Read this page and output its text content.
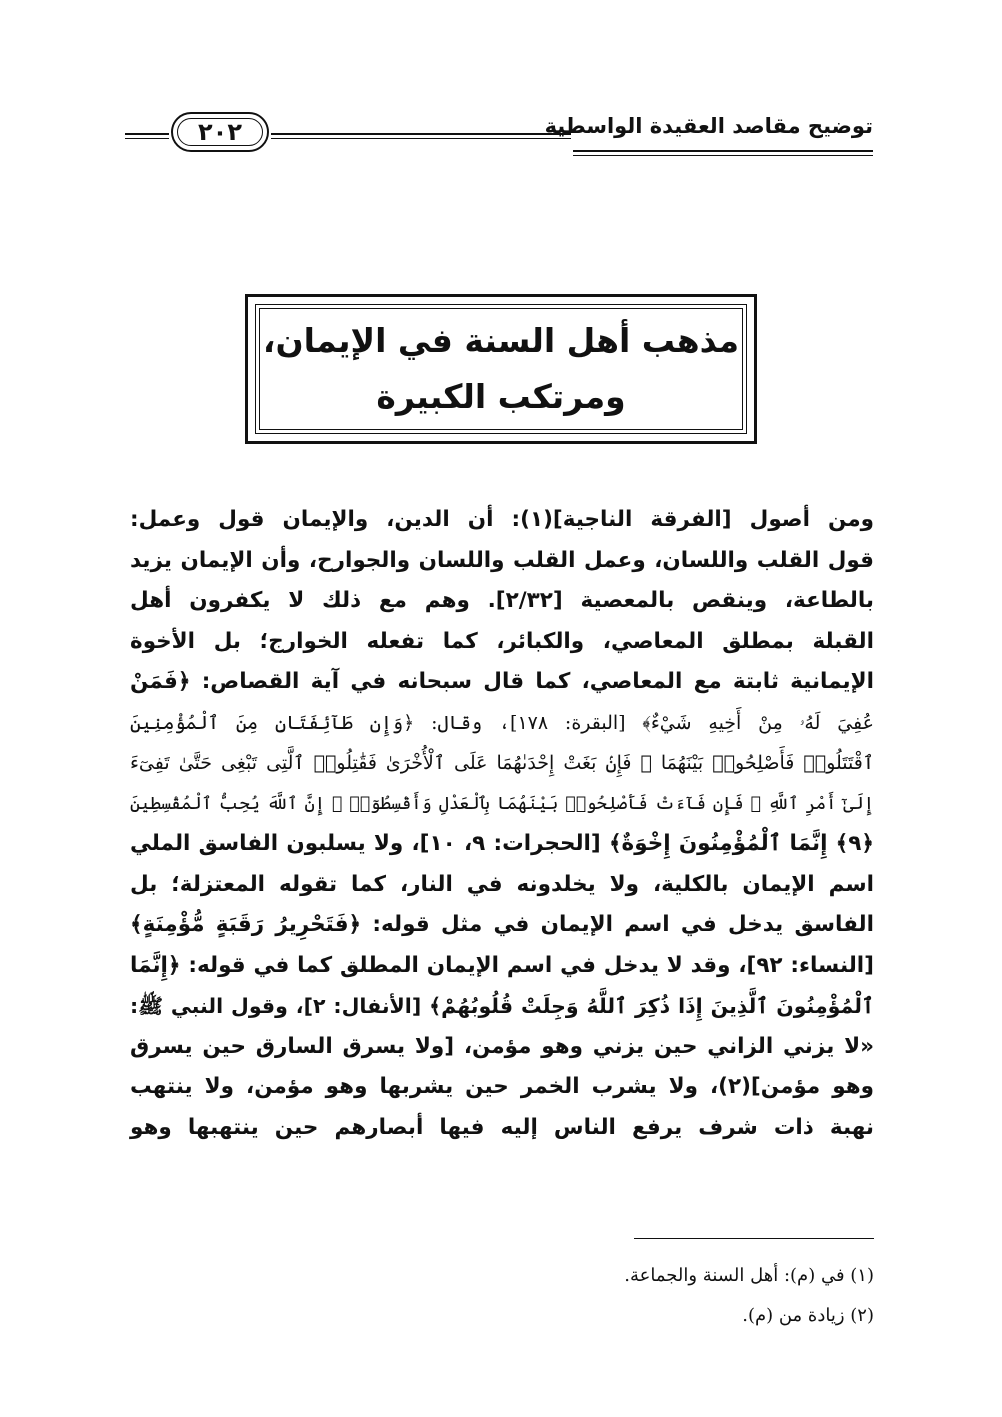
توضيح مقاصد العقيدة الواسطية
٢٠٢
مذهب أهل السنة في الإيمان،
ومرتكب الكبيرة
ومن أصول [الفرقة الناجية](١): أن الدين، والإيمان قول وعمل:
قول القلب واللسان، وعمل القلب واللسان والجوارح، وأن الإيمان يزيد
بالطاعة، وينقص بالمعصية [٢/٣٢]. وهم مع ذلك لا يكفرون أهل
القبلة بمطلق المعاصي، والكبائر، كما تفعله الخوارج؛ بل الأخوة
الإيمانية ثابتة مع المعاصي، كما قال سبحانه في آية القصاص: ﴿فَمَنْ
عُفِيَ لَهُۥ مِنْ أَخِيهِ شَيْءٌ﴾ [البقرة: ١٧٨]، وقال: ﴿وَإِن طَآئِفَتَانِ مِنَ ٱلْمُؤْمِنِينَ
ٱقْتَتَلُوا۟ فَأَصْلِحُوا۟ بَيْنَهُمَا ۖ فَإِنۢ بَغَتْ إِحْدَىٰهُمَا عَلَى ٱلْأُخْرَىٰ فَقَٰتِلُوا۟ ٱلَّتِى تَبْغِى حَتَّىٰ تَفِىٓءَ
إِلَىٰٓ أَمْرِ ٱللَّهِ ۚ فَإِن فَآءَتْ فَأَصْلِحُوا۟ بَيْنَهُمَا بِٱلْعَدْلِ وَأَقْسِطُوٓا۟ ۖ إِنَّ ٱللَّهَ يُحِبُّ ٱلْمُقْسِطِينَ
﴿٩﴾ إِنَّمَا ٱلْمُؤْمِنُونَ إِخْوَةٌ﴾ [الحجرات: ٩، ١٠]، ولا يسلبون الفاسق الملي
اسم الإيمان بالكلية، ولا يخلدونه في النار، كما تقوله المعتزلة؛ بل
الفاسق يدخل في اسم الإيمان في مثل قوله: ﴿فَتَحْرِيرُ رَقَبَةٍ مُّؤْمِنَةٍ﴾
[النساء: ٩٢]، وقد لا يدخل في اسم الإيمان المطلق كما في قوله: ﴿إِنَّمَا
ٱلْمُؤْمِنُونَ ٱلَّذِينَ إِذَا ذُكِرَ ٱللَّهُ وَجِلَتْ قُلُوبُهُمْ﴾ [الأنفال: ٢]، وقول النبي ﷺ:
«لا يزني الزاني حين يزني وهو مؤمن، [ولا يسرق السارق حين يسرق
وهو مؤمن](٢)، ولا يشرب الخمر حين يشربها وهو مؤمن، ولا ينتهب
نهبة ذات شرف يرفع الناس إليه فيها أبصارهم حين ينتهبها وهو
(١) في (م): أهل السنة والجماعة.
(٢) زيادة من (م).
